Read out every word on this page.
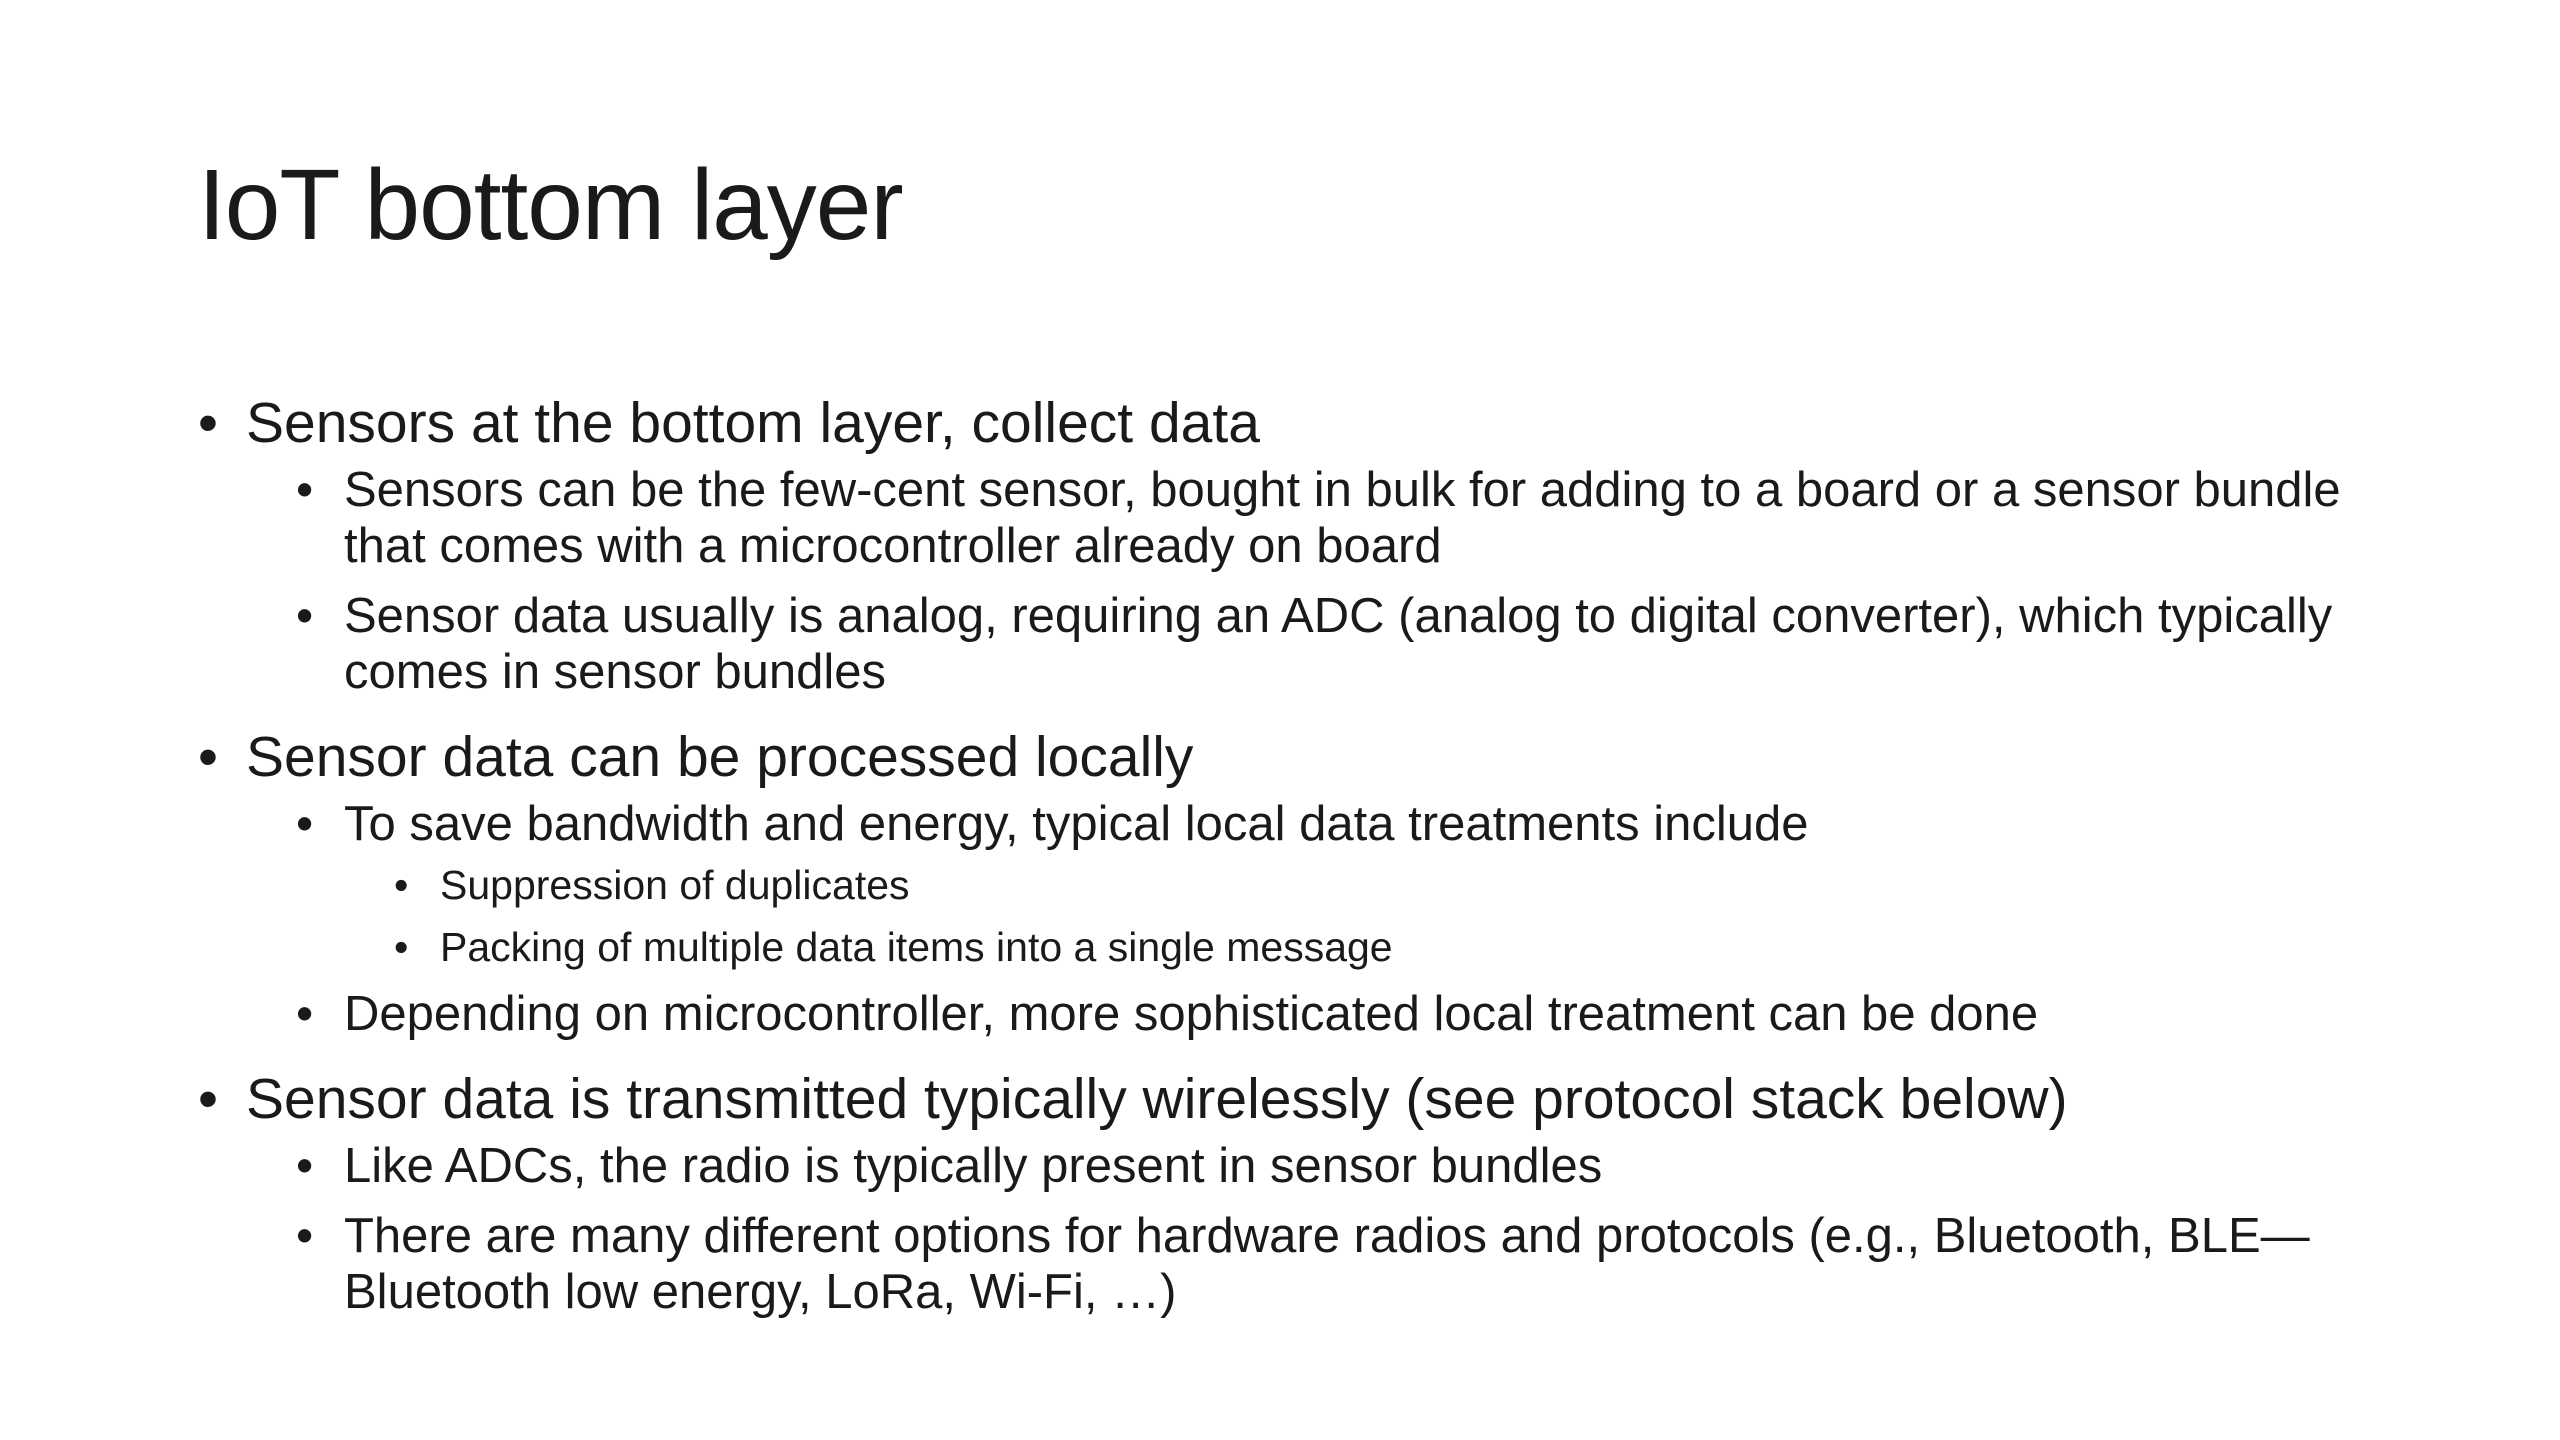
IoT bottom layer

• Sensors at the bottom layer, collect data

• Sensors can be the few-cent sensor, bought in bulk for adding to a board or a sensor bundle that comes with a microcontroller already on board

• Sensor data usually is analog, requiring an ADC (analog to digital converter), which typically comes in sensor bundles

• Sensor data can be processed locally

• To save bandwidth and energy, typical local data treatments include

• Suppression of duplicates

• Packing of multiple data items into a single message

• Depending on microcontroller, more sophisticated local treatment can be done

• Sensor data is transmitted typically wirelessly (see protocol stack below)

• Like ADCs, the radio is typically present in sensor bundles

• There are many different options for hardware radios and protocols (e.g., Bluetooth, BLE—Bluetooth low energy, LoRa, Wi-Fi, …)
